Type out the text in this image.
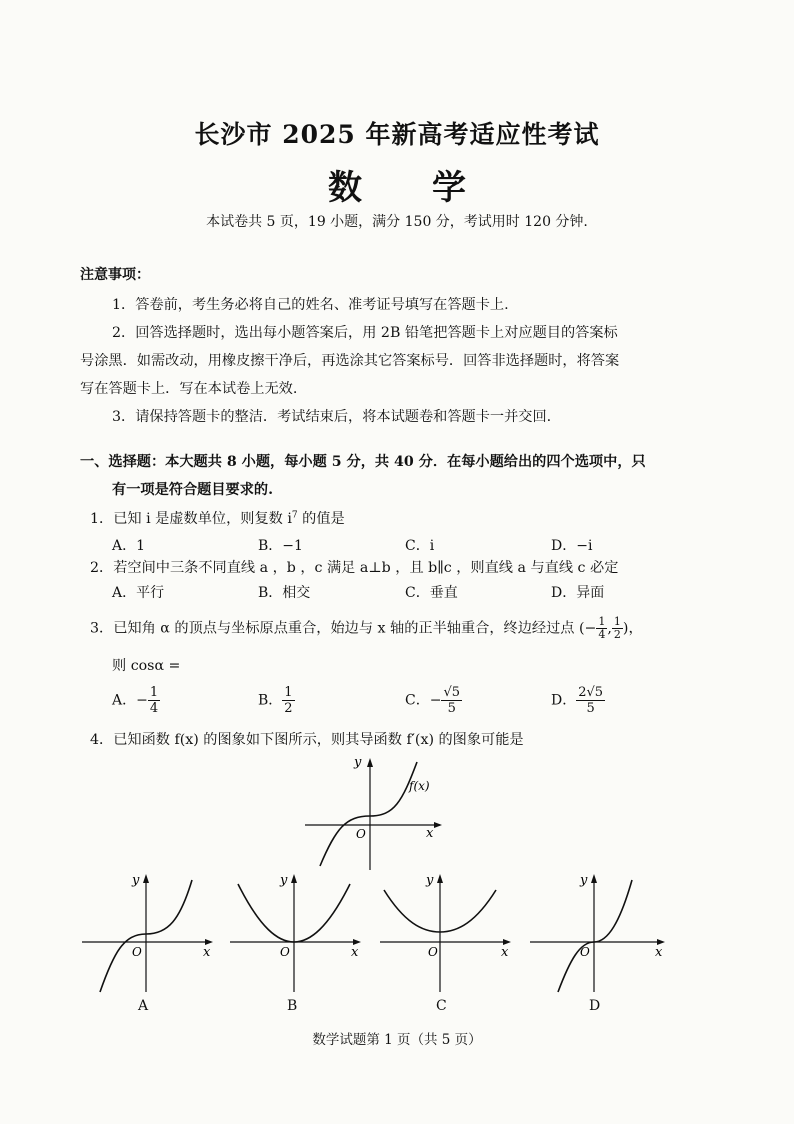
长沙市 2025 年新高考适应性考试
数学
本试卷共 5 页，19 小题，满分 150 分，考试用时 120 分钟.
注意事项：
1．答卷前，考生务必将自己的姓名、准考证号填写在答题卡上.
2．回答选择题时，选出每小题答案后，用 2B 铅笔把答题卡上对应题目的答案标
号涂黑．如需改动，用橡皮擦干净后，再选涂其它答案标号．回答非选择题时，将答案
写在答题卡上．写在本试卷上无效.
3．请保持答题卡的整洁．考试结束后，将本试题卷和答题卡一并交回.
一、选择题：本大题共 8 小题，每小题 5 分，共 40 分．在每小题给出的四个选项中，只
有一项是符合题目要求的.
1．已知 i 是虚数单位，则复数 $i^7$ 的值是
A．1	B．−1	C．i	D．−i
2．若空间中三条不同直线 a ，b ，c 满足 a⊥b ，且 b∥c ，则直线 a 与直线 c 必定
A．平行	B．相交	C．垂直	D．异面
3．已知角 α 的顶点与坐标原点重合，始边与 x 轴的正半轴重合，终边经过点 (− $\frac{1}{4}$ , $\frac{1}{2}$ )，
则 cosα =
A．− $\frac{1}{4}$	B． $\frac{1}{2}$	C．− $\frac{√5}{5}$	D． $\frac{2√5}{5}$
4．已知函数 f(x) 的图象如下图所示，则其导函数 f′(x) 的图象可能是
y
x
O
f(x)
y
x
O
A
y
x
O
B
y
x
O
C
y
x
O
D
数学试题第 1 页（共 5 页）
